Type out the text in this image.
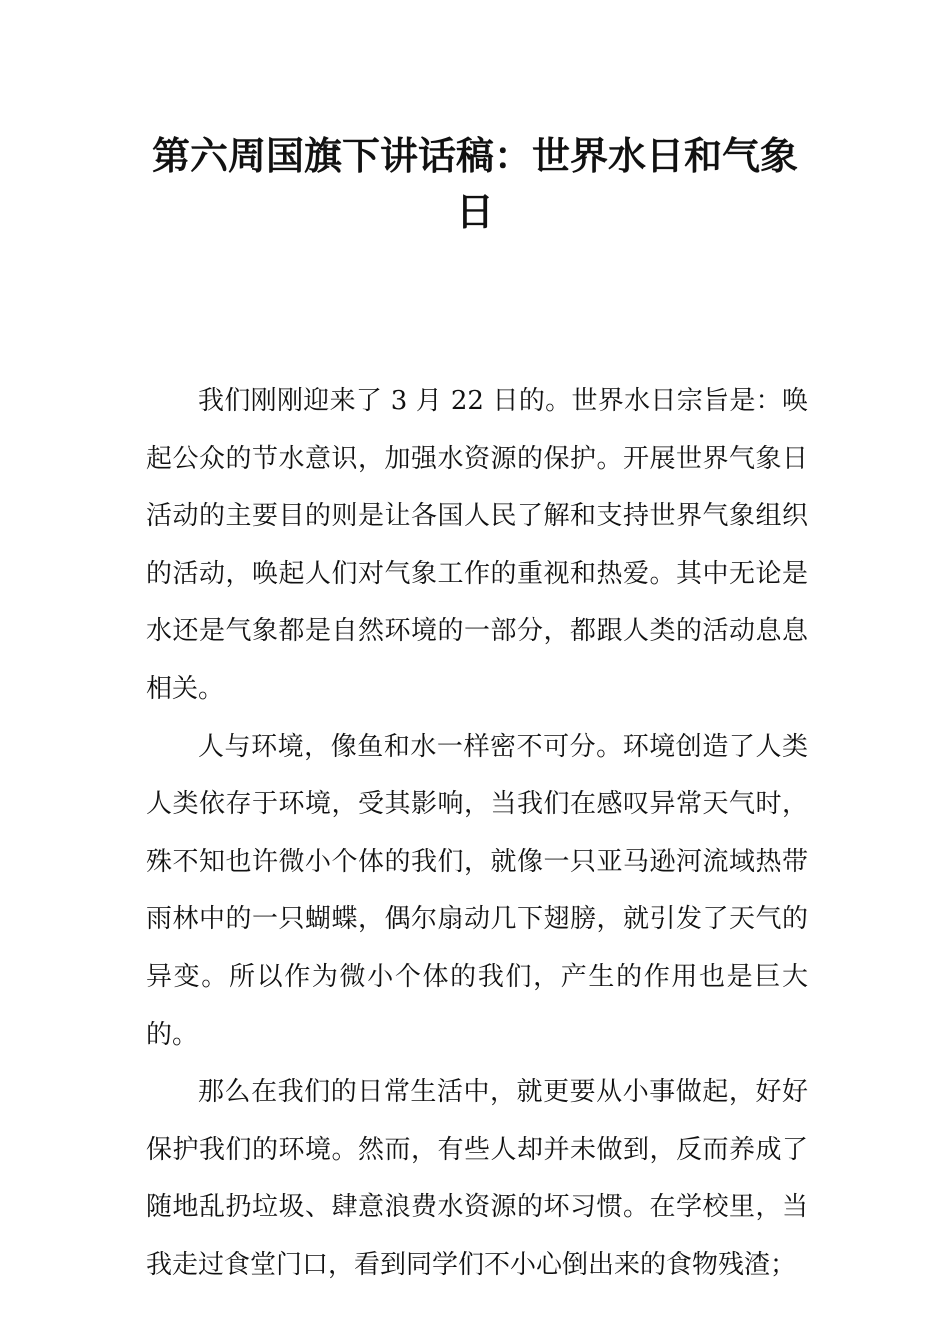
第六周国旗下讲话稿：世界水日和气象日

我们刚刚迎来了 3 月 22 日的。世界水日宗旨是：唤起公众的节水意识，加强水资源的保护。开展世界气象日活动的主要目的则是让各国人民了解和支持世界气象组织的活动，唤起人们对气象工作的重视和热爱。其中无论是水还是气象都是自然环境的一部分，都跟人类的活动息息相关。

人与环境，像鱼和水一样密不可分。环境创造了人类人类依存于环境，受其影响，当我们在感叹异常天气时，殊不知也许微小个体的我们，就像一只亚马逊河流域热带雨林中的一只蝴蝶，偶尔扇动几下翅膀，就引发了天气的异变。所以作为微小个体的我们，产生的作用也是巨大的。

那么在我们的日常生活中，就更要从小事做起，好好保护我们的环境。然而，有些人却并未做到，反而养成了随地乱扔垃圾、肆意浪费水资源的坏习惯。在学校里，当我走过食堂门口，看到同学们不小心倒出来的食物残渣；
